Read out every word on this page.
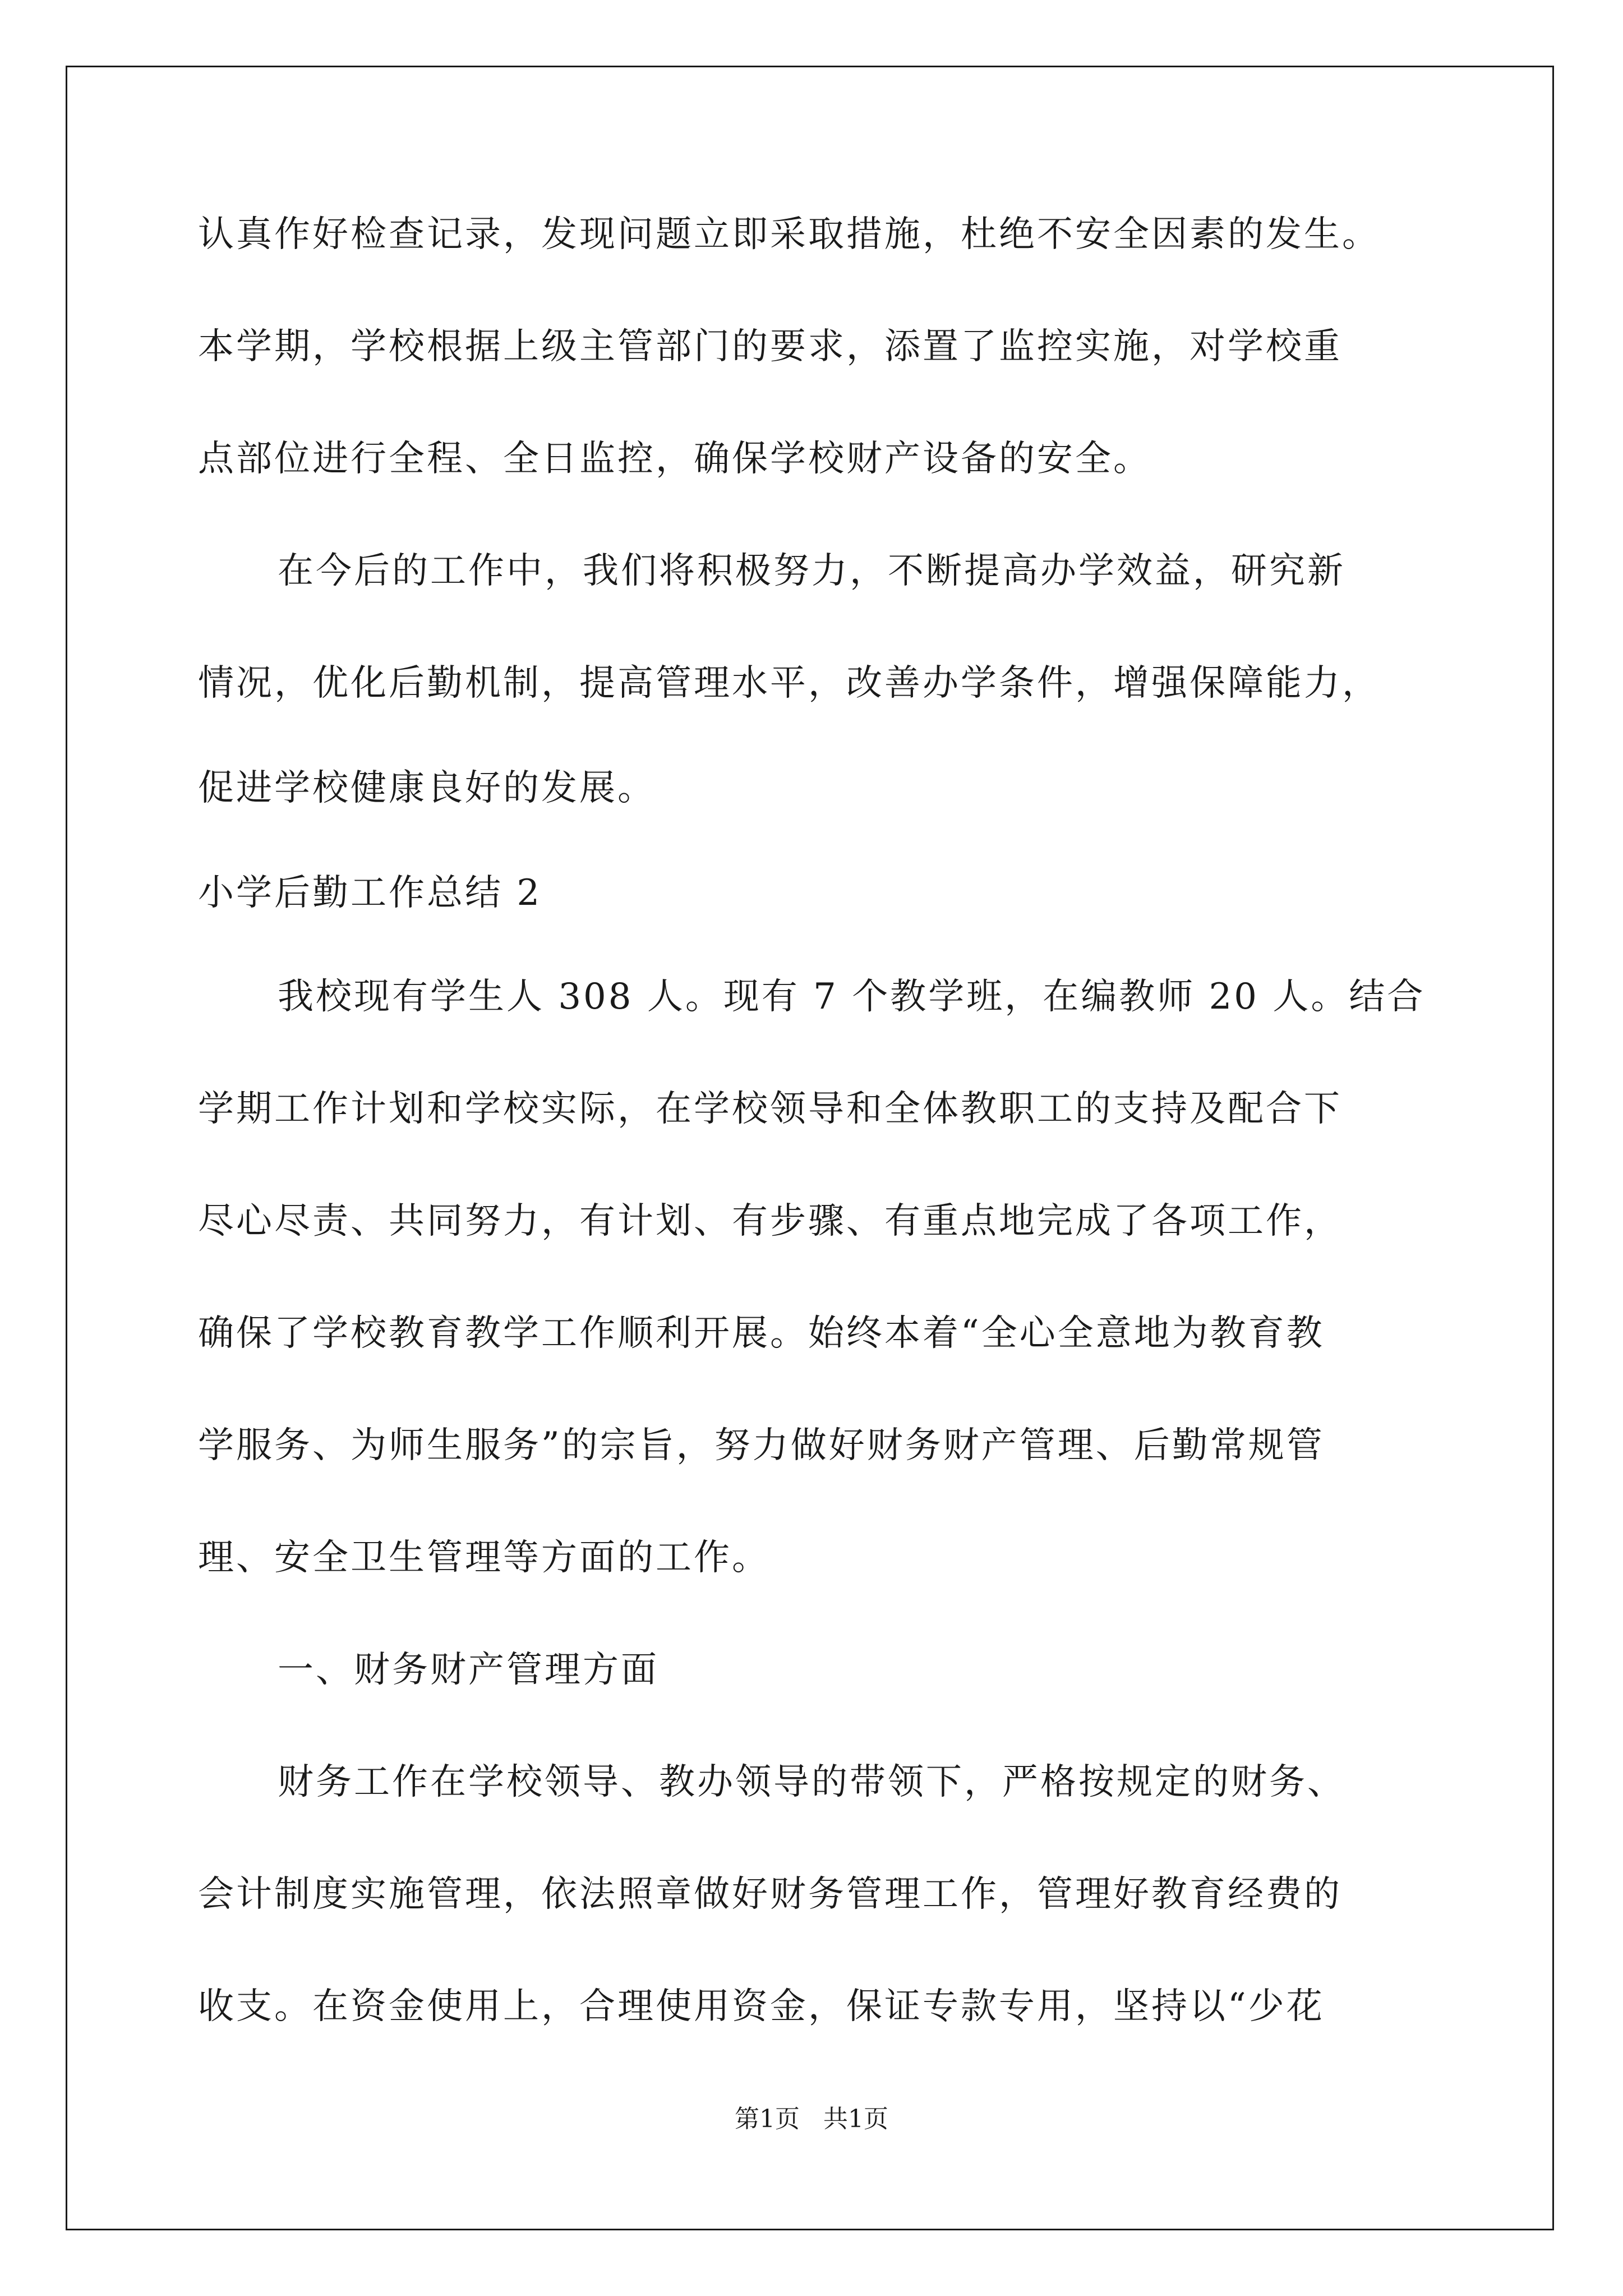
认真作好检查记录，发现问题立即采取措施，杜绝不安全因素的发生。

本学期，学校根据上级主管部门的要求，添置了监控实施，对学校重

点部位进行全程、全日监控，确保学校财产设备的安全。

在今后的工作中，我们将积极努力，不断提高办学效益，研究新

情况，优化后勤机制，提高管理水平，改善办学条件，增强保障能力，

促进学校健康良好的发展。

小学后勤工作总结 2

我校现有学生人 308 人。现有 7 个教学班，在编教师 20 人。结合

学期工作计划和学校实际，在学校领导和全体教职工的支持及配合下

尽心尽责、共同努力，有计划、有步骤、有重点地完成了各项工作，

确保了学校教育教学工作顺利开展。始终本着“全心全意地为教育教

学服务、为师生服务”的宗旨，努力做好财务财产管理、后勤常规管

理、安全卫生管理等方面的工作。

一、财务财产管理方面

财务工作在学校领导、教办领导的带领下，严格按规定的财务、

会计制度实施管理，依法照章做好财务管理工作，管理好教育经费的

收支。在资金使用上，合理使用资金，保证专款专用，坚持以“少花

第1页   共1页
